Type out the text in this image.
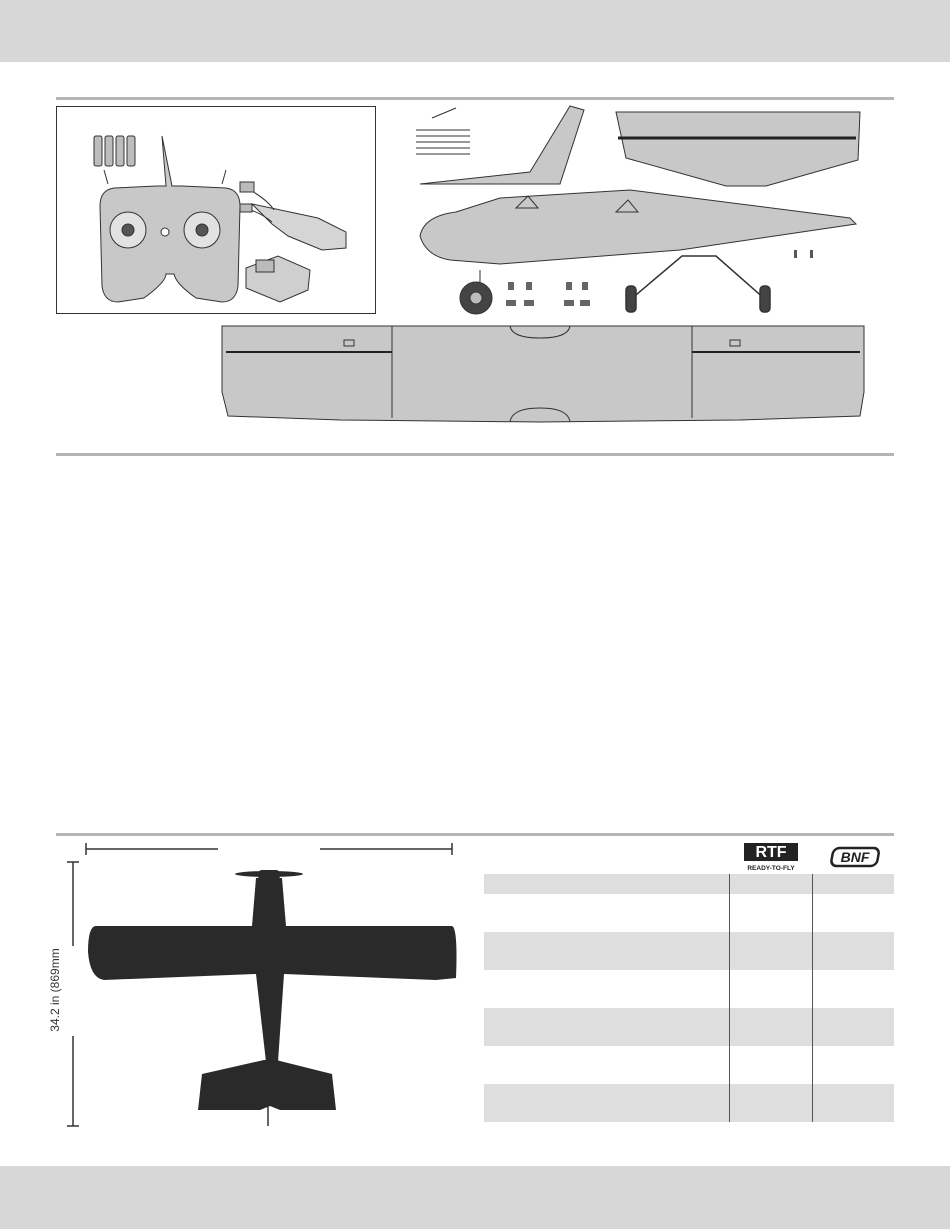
34.2 in (869mm
RTF
READY-TO-FLY
BNF
